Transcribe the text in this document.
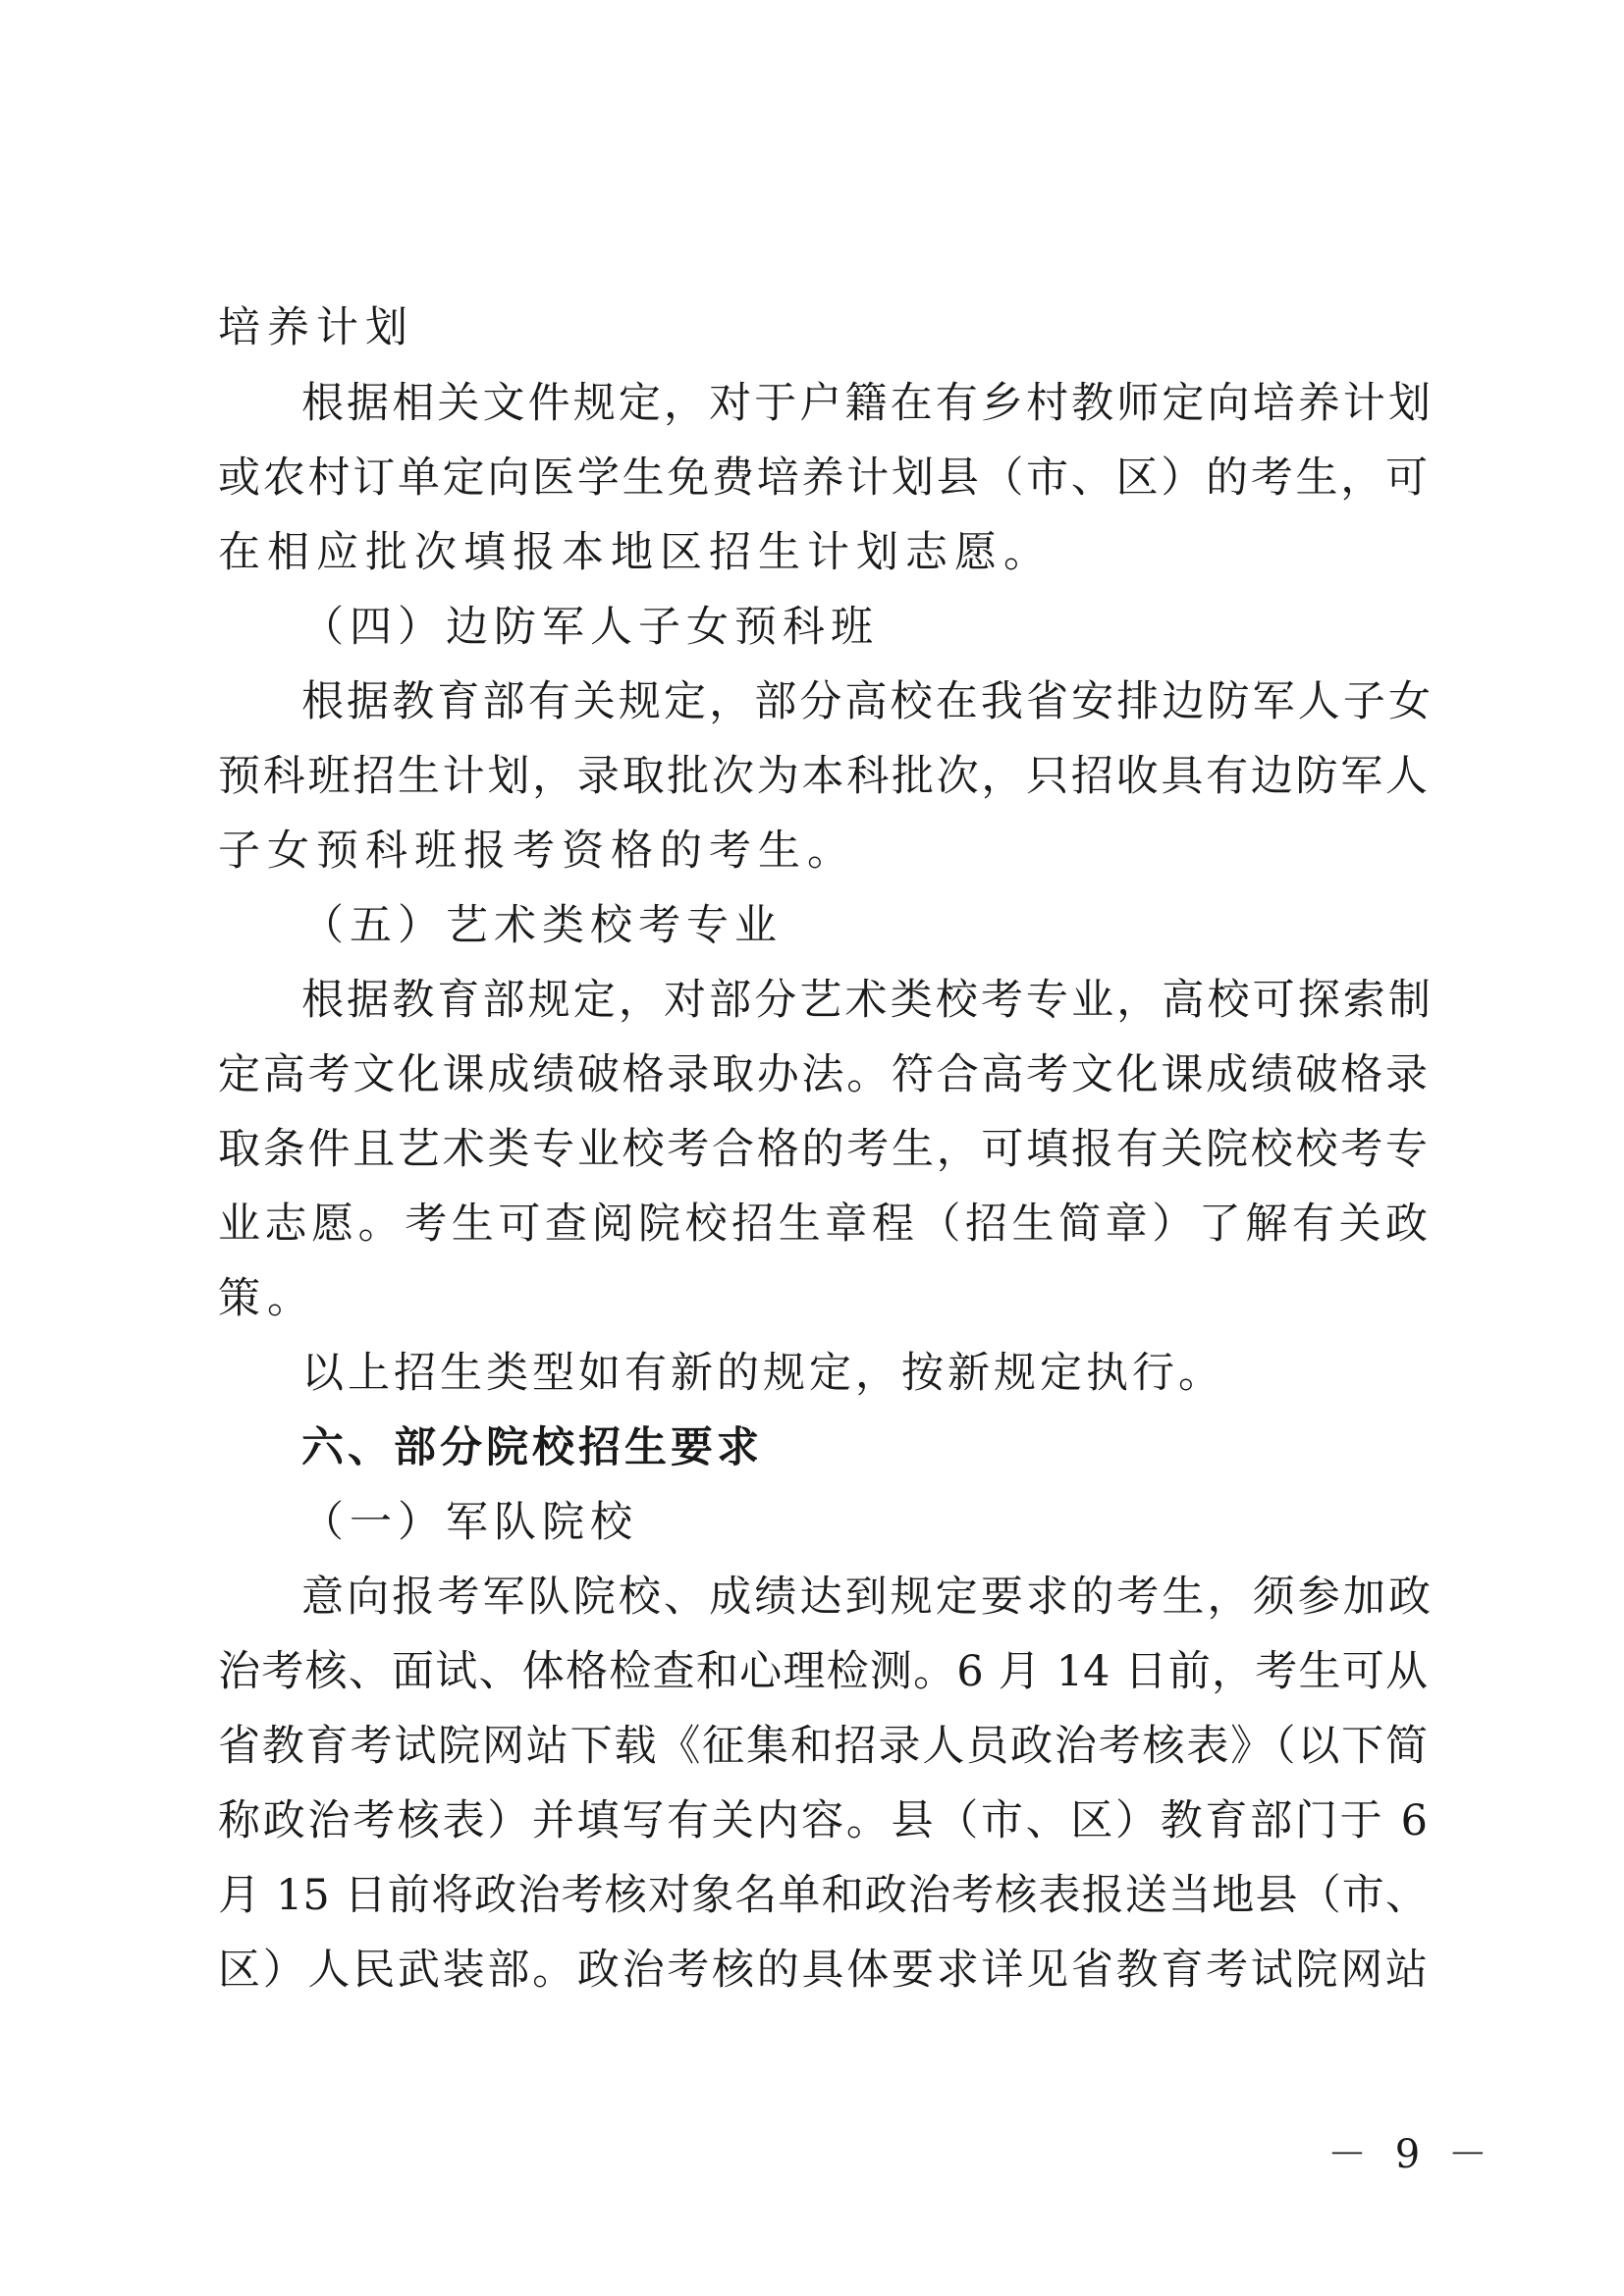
培养计划
根据相关文件规定，对于户籍在有乡村教师定向培养计划
或农村订单定向医学生免费培养计划县（市、区）的考生，可
在相应批次填报本地区招生计划志愿。
（四）边防军人子女预科班
根据教育部有关规定，部分高校在我省安排边防军人子女
预科班招生计划，录取批次为本科批次，只招收具有边防军人
子女预科班报考资格的考生。
（五）艺术类校考专业
根据教育部规定，对部分艺术类校考专业，高校可探索制
定高考文化课成绩破格录取办法。符合高考文化课成绩破格录
取条件且艺术类专业校考合格的考生，可填报有关院校校考专
业志愿。考生可查阅院校招生章程（招生简章）了解有关政
策。
以上招生类型如有新的规定，按新规定执行。
六、部分院校招生要求
（一）军队院校
意向报考军队院校、成绩达到规定要求的考生，须参加政
治考核、面试、体格检查和心理检测。6 月 14 日前，考生可从
省教育考试院网站下载《征集和招录人员政治考核表》（以下简
称政治考核表）并填写有关内容。县（市、区）教育部门于 6
月 15 日前将政治考核对象名单和政治考核表报送当地县（市、
区）人民武装部。政治考核的具体要求详见省教育考试院网站
－ 9 －
